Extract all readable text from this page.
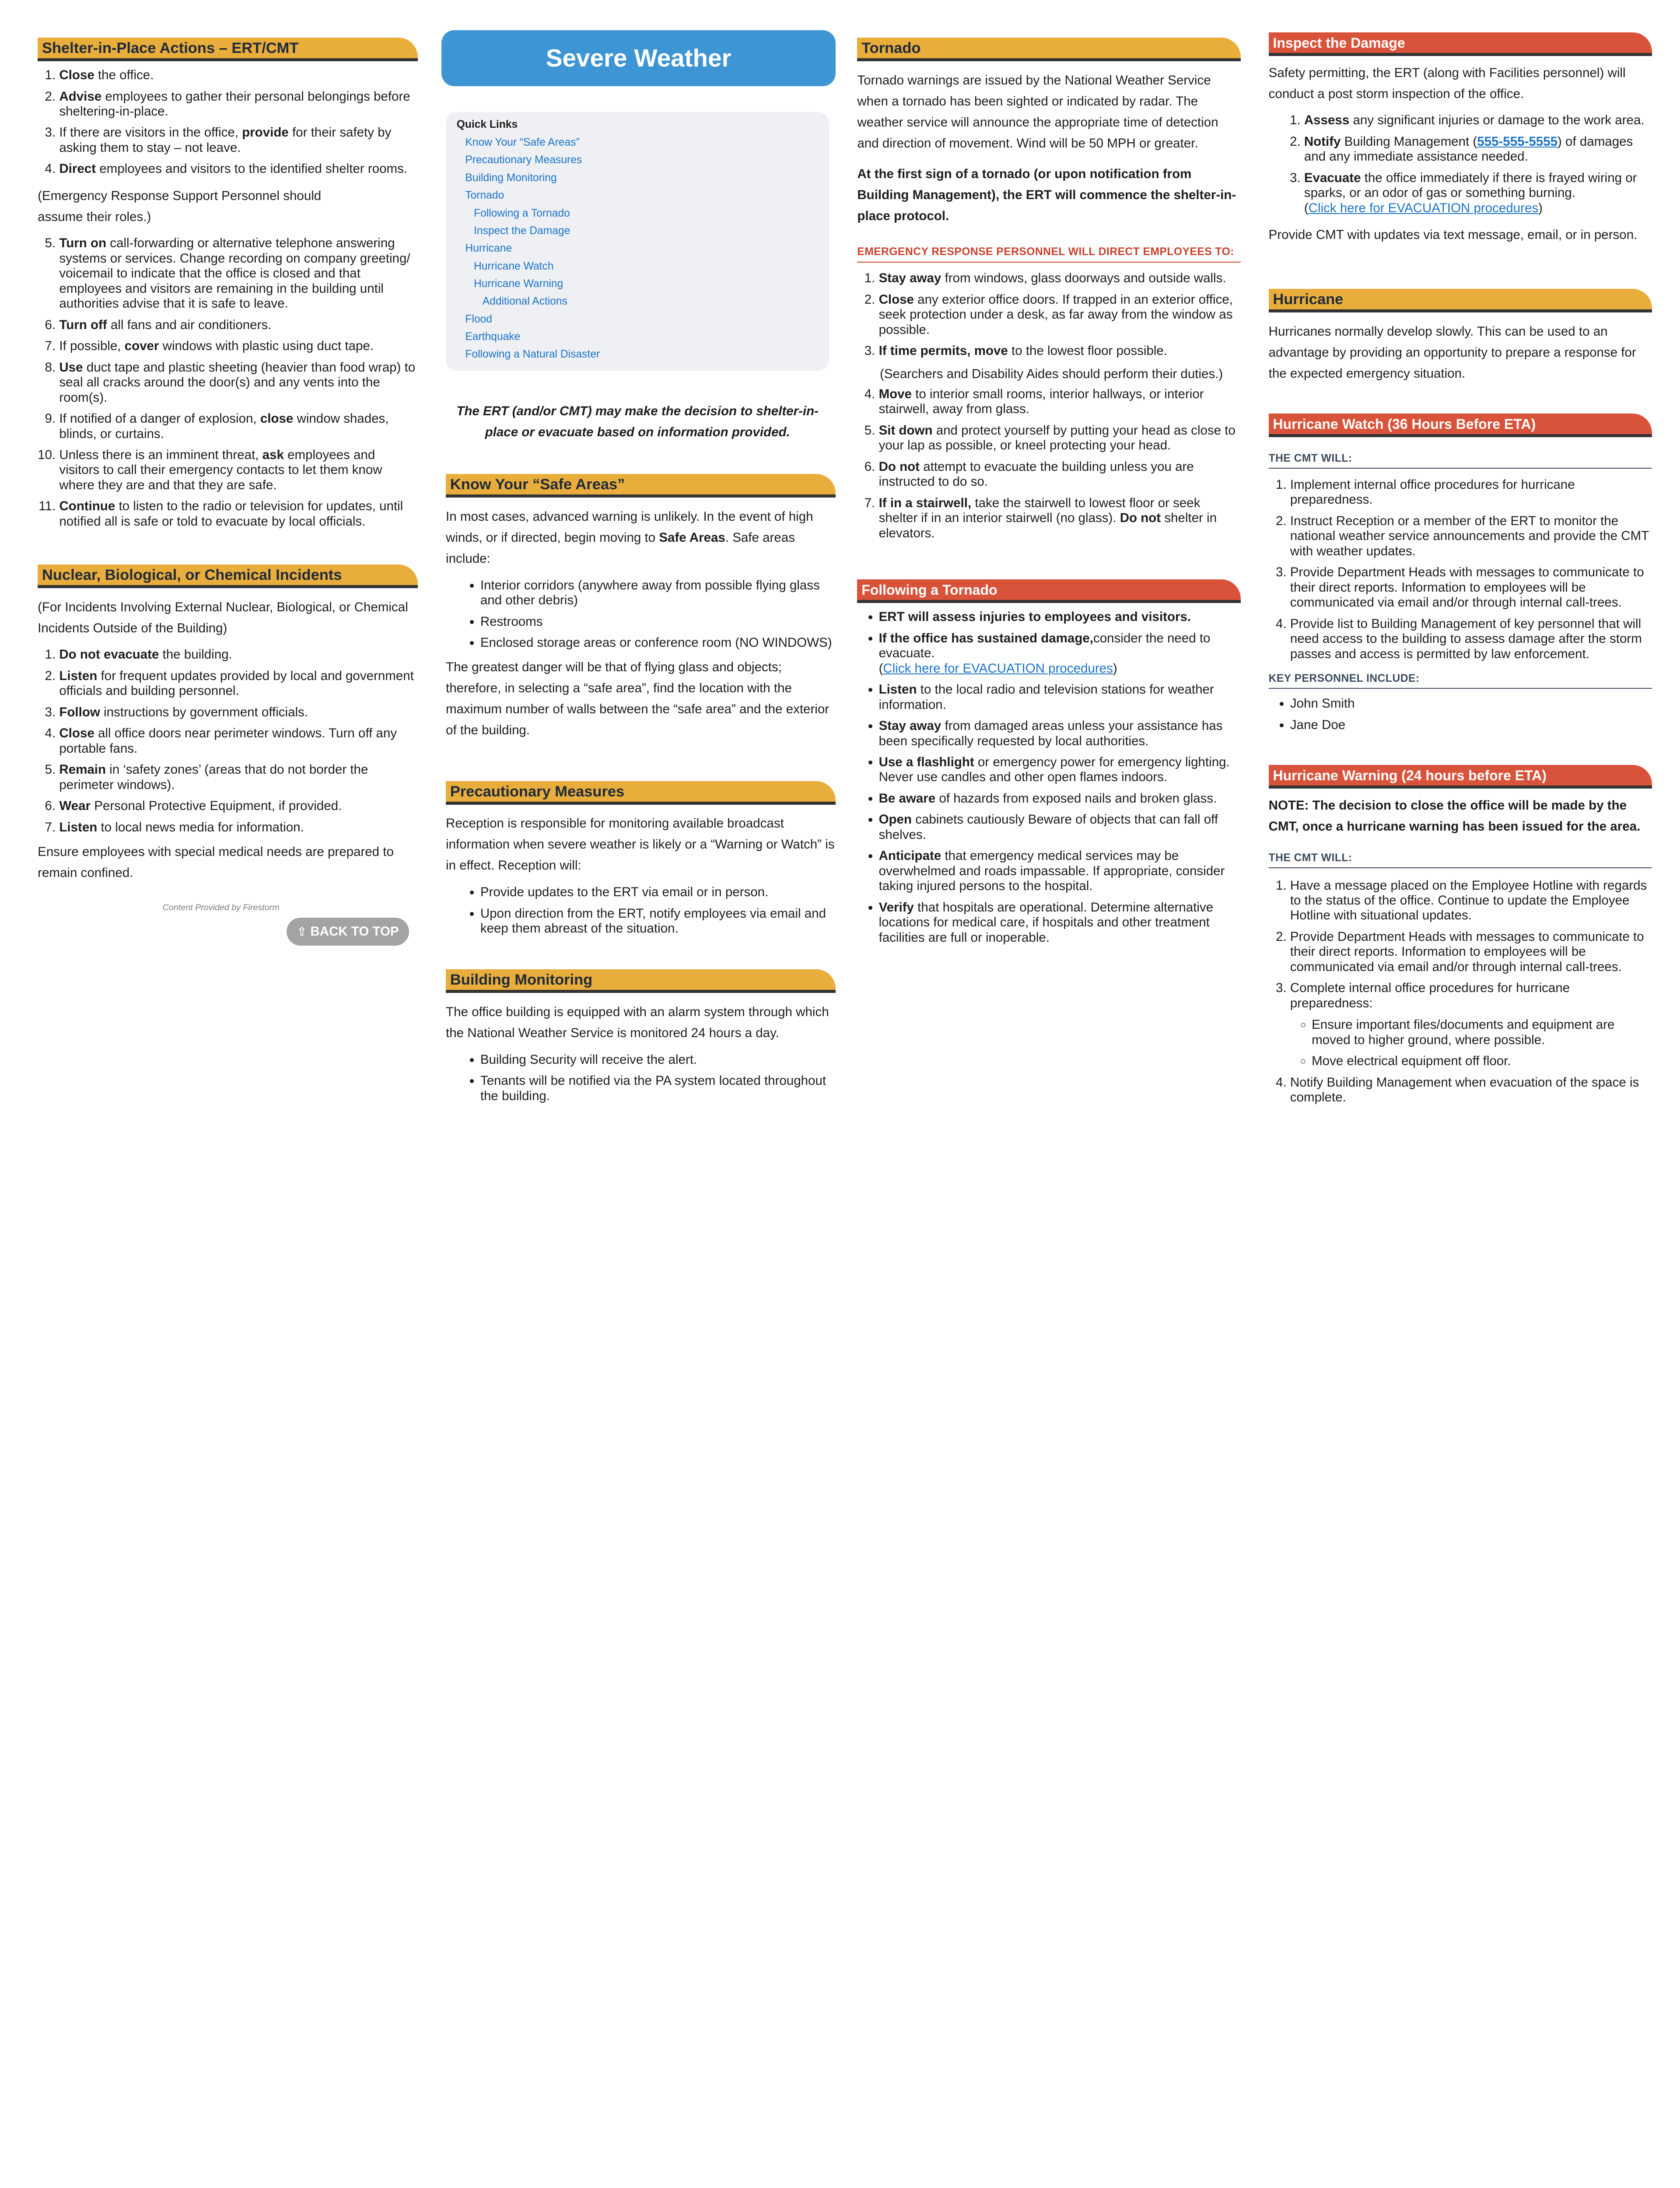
Shelter-in-Place Actions – ERT/CMT
1. Close the office.
2. Advise employees to gather their personal belongings before sheltering-in-place.
3. If there are visitors in the office, provide for their safety by asking them to stay – not leave.
4. Direct employees and visitors to the identified shelter rooms.

(Emergency Response Support Personnel should assume their roles.)

5. Turn on call-forwarding or alternative telephone answering systems or services. Change recording on company greeting/ voicemail to indicate that the office is closed and that employees and visitors are remaining in the building until authorities advise that it is safe to leave.
6. Turn off all fans and air conditioners.
7. If possible, cover windows with plastic using duct tape.
8. Use duct tape and plastic sheeting (heavier than food wrap) to seal all cracks around the door(s) and any vents into the room(s).
9. If notified of a danger of explosion, close window shades, blinds, or curtains.
10. Unless there is an imminent threat, ask employees and visitors to call their emergency contacts to let them know where they are and that they are safe.
11. Continue to listen to the radio or television for updates, until notified all is safe or told to evacuate by local officials.
Nuclear, Biological, or Chemical Incidents

(For Incidents Involving External Nuclear, Biological, or Chemical Incidents Outside of the Building)

1. Do not evacuate the building.
2. Listen for frequent updates provided by local and government officials and building personnel.
3. Follow instructions by government officials.
4. Close all office doors near perimeter windows. Turn off any portable fans.
5. Remain in ‘safety zones’ (areas that do not border the perimeter windows).
6. Wear Personal Protective Equipment, if provided.
7. Listen to local news media for information.

Ensure employees with special medical needs are prepared to remain confined.

Content Provided by Firestorm
⇧ BACK TO TOP
Severe Weather
Quick Links
Know Your “Safe Areas”
Precautionary Measures
Building Monitoring
Tornado
Following a Tornado
Inspect the Damage
Hurricane
Hurricane Watch
Hurricane Warning
Additional Actions
Flood
Earthquake
Following a Natural Disaster

The ERT (and/or CMT) may make the decision to shelter-in-place or evacuate based on information provided.

Know Your “Safe Areas”

In most cases, advanced warning is unlikely. In the event of high winds, or if directed, begin moving to Safe Areas. Safe areas include:

• Interior corridors (anywhere away from possible flying glass and other debris)
• Restrooms
• Enclosed storage areas or conference room (NO WINDOWS)

The greatest danger will be that of flying glass and objects; therefore, in selecting a “safe area”, find the location with the maximum number of walls between the “safe area” and the exterior of the building.

Precautionary Measures

Reception is responsible for monitoring available broadcast information when severe weather is likely or a “Warning or Watch” is in effect. Reception will:

• Provide updates to the ERT via email or in person.
• Upon direction from the ERT, notify employees via email and keep them abreast of the situation.
Building Monitoring

The office building is equipped with an alarm system through which the National Weather Service is monitored 24 hours a day.

• Building Security will receive the alert.
• Tenants will be notified via the PA system located throughout the building.
Tornado

Tornado warnings are issued by the National Weather Service when a tornado has been sighted or indicated by radar. The weather service will announce the appropriate time of detection and direction of movement. Wind will be 50 MPH or greater.

At the first sign of a tornado (or upon notification from Building Management), the ERT will commence the shelter-in-place protocol.

EMERGENCY RESPONSE PERSONNEL WILL DIRECT EMPLOYEES TO:
1. Stay away from windows, glass doorways and outside walls.
2. Close any exterior office doors. If trapped in an exterior office, seek protection under a desk, as far away from the window as possible.
3. If time permits, move to the lowest floor possible.

(Searchers and Disability Aides should perform their duties.)

4. Move to interior small rooms, interior hallways, or interior stairwell, away from glass.
5. Sit down and protect yourself by putting your head as close to your lap as possible, or kneel protecting your head.
6. Do not attempt to evacuate the building unless you are instructed to do so.
7. If in a stairwell, take the stairwell to lowest floor or seek shelter if in an interior stairwell (no glass). Do not shelter in elevators.
Following a Tornado
• ERT will assess injuries to employees and visitors.
• If the office has sustained damage,consider the need to evacuate.
(Click here for EVACUATION procedures)
• Listen to the local radio and television stations for weather information.
• Stay away from damaged areas unless your assistance has been specifically requested by local authorities.
• Use a flashlight or emergency power for emergency lighting. Never use candles and other open flames indoors.
• Be aware of hazards from exposed nails and broken glass.
• Open cabinets cautiously Beware of objects that can fall off shelves.
• Anticipate that emergency medical services may be overwhelmed and roads impassable. If appropriate, consider taking injured persons to the hospital.
• Verify that hospitals are operational. Determine alternative locations for medical care, if hospitals and other treatment facilities are full or inoperable.
Inspect the Damage

Safety permitting, the ERT (along with Facilities personnel) will conduct a post storm inspection of the office.

1. Assess any significant injuries or damage to the work area.
2. Notify Building Management (555-555-5555) of damages and any immediate assistance needed.
3. Evacuate the office immediately if there is frayed wiring or sparks, or an odor of gas or something burning.
(Click here for EVACUATION procedures)

Provide CMT with updates via text message, email, or in person.

Hurricane

Hurricanes normally develop slowly. This can be used to an advantage by providing an opportunity to prepare a response for the expected emergency situation.

Hurricane Watch (36 Hours Before ETA)
THE CMT WILL:
1. Implement internal office procedures for hurricane preparedness.
2. Instruct Reception or a member of the ERT to monitor the national weather service announcements and provide the CMT with weather updates.
3. Provide Department Heads with messages to communicate to their direct reports. Information to employees will be communicated via email and/or through internal call-trees.
4. Provide list to Building Management of key personnel that will need access to the building to assess damage after the storm passes and access is permitted by law enforcement.
KEY PERSONNEL INCLUDE:
• John Smith
• Jane Doe
Hurricane Warning (24 hours before ETA)

NOTE: The decision to close the office will be made by the CMT, once a hurricane warning has been issued for the area.

THE CMT WILL:
1. Have a message placed on the Employee Hotline with regards to the status of the office. Continue to update the Employee Hotline with situational updates.
2. Provide Department Heads with messages to communicate to their direct reports. Information to employees will be communicated via email and/or through internal call-trees.
3. Complete internal office procedures for hurricane preparedness:
◦ Ensure important files/documents and equipment are moved to higher ground, where possible.
◦ Move electrical equipment off floor.
4. Notify Building Management when evacuation of the space is complete.
